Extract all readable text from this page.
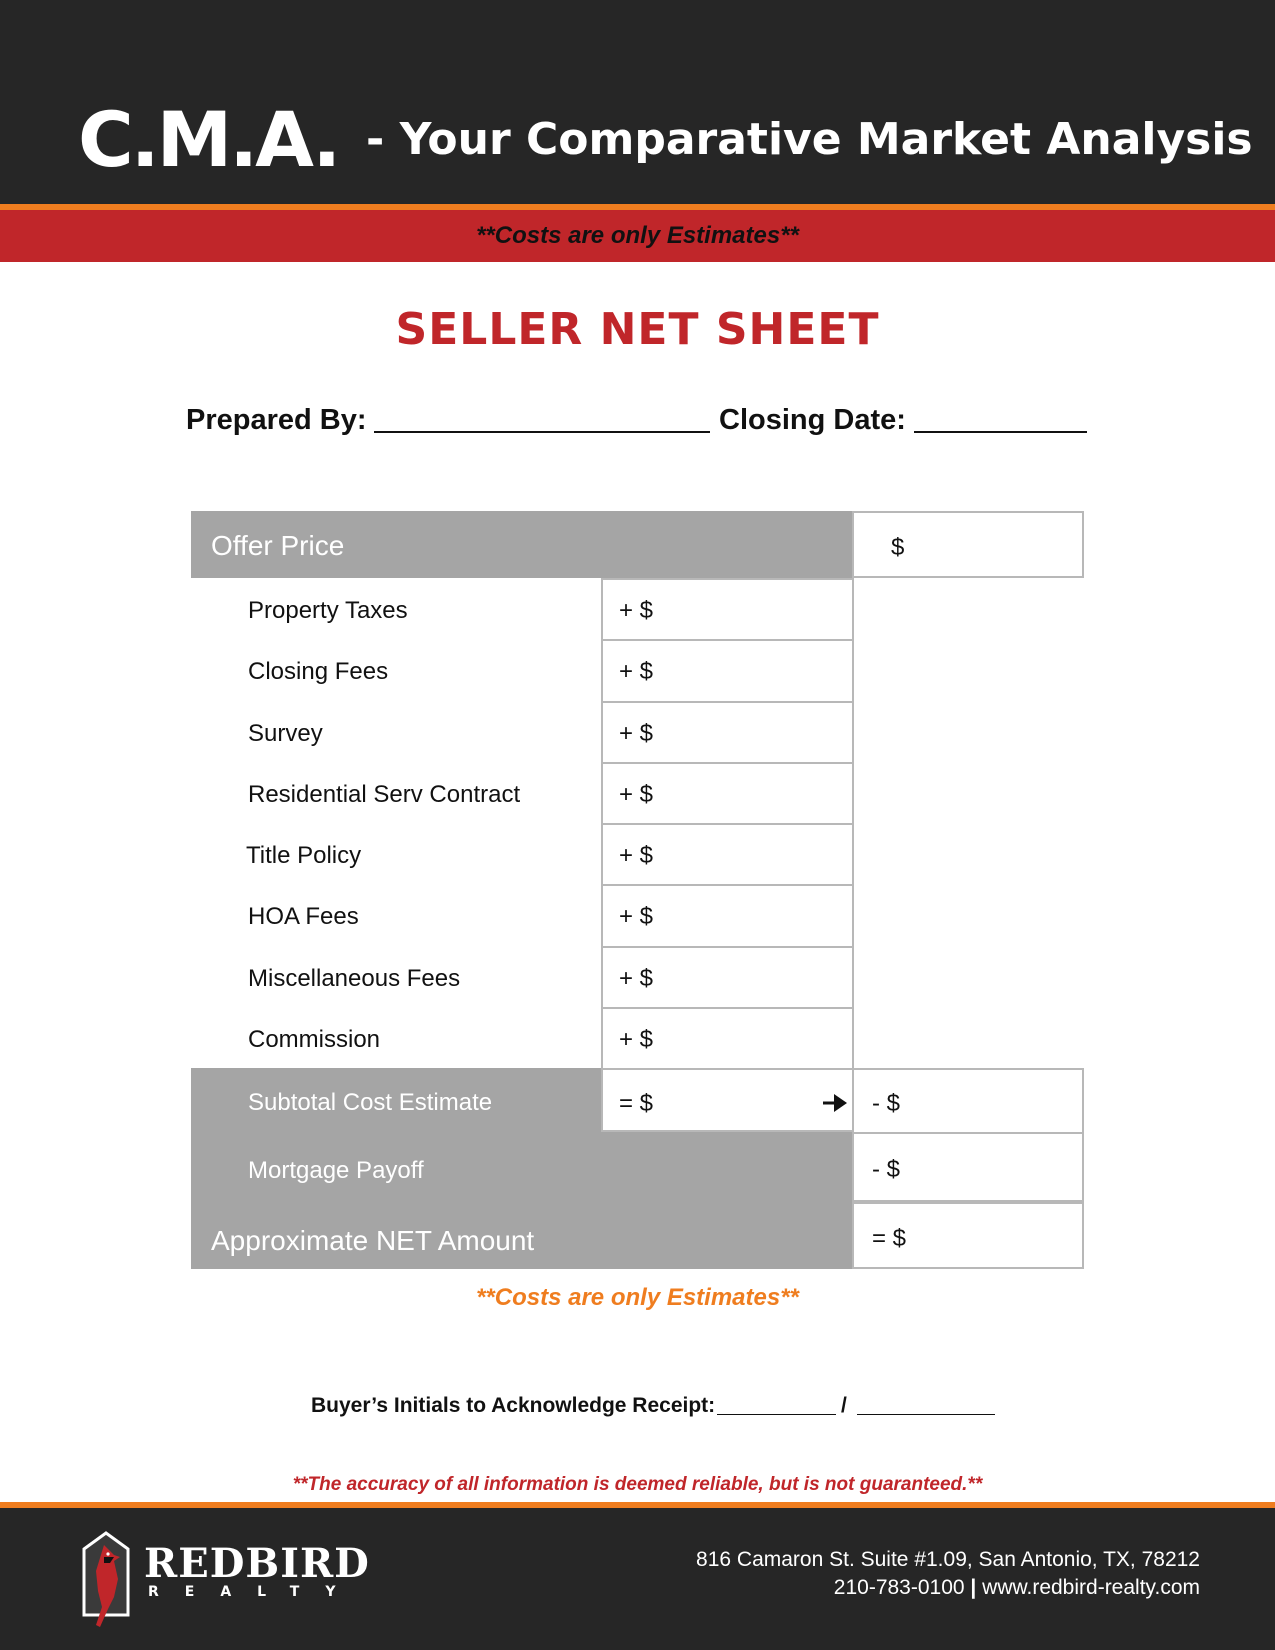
C.M.A. - Your Comparative Market Analysis
**Costs are only Estimates**
SELLER NET SHEET
Prepared By:	Closing Date:
Offer Price	$
Property Taxes	+ $
Closing Fees	+ $
Survey	+ $
Residential Serv Contract	+ $
Title Policy	+ $
HOA Fees	+ $
Miscellaneous Fees	+ $
Commission	+ $
Subtotal Cost Estimate	= $	- $
Mortgage Payoff	- $
Approximate NET Amount	= $
**Costs are only Estimates**
Buyer’s Initials to Acknowledge Receipt:	/
**The accuracy of all information is deemed reliable, but is not guaranteed.**
REDBIRD
REALTY
816 Camaron St. Suite #1.09, San Antonio, TX, 78212
210-783-0100 | www.redbird-realty.com
